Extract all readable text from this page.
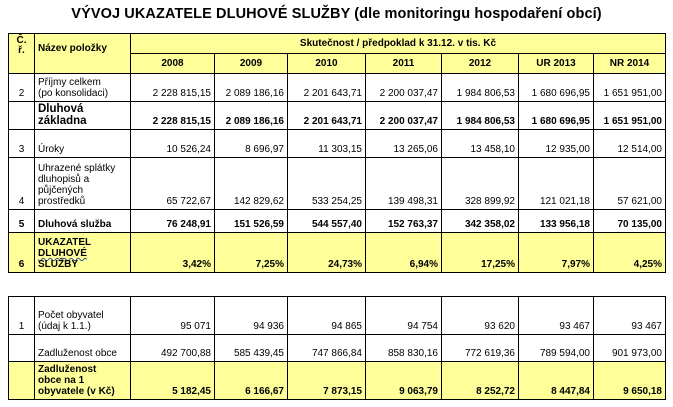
VÝVOJ UKAZATELE DLUHOVÉ SLUŽBY (dle monitoringu hospodaření obcí)
Č.
ř.	Název položky	Skutečnost / předpoklad k 31.12. v tis. Kč						
		2008	2009	2010	2011	2012	UR 2013	NR 2014
2	Příjmy celkem
(po konsolidaci)	2 228 815,15	2 089 186,16	2 201 643,71	2 200 037,47	1 984 806,53	1 680 696,95	1 651 951,00
	Dluhová
základna	2 228 815,15	2 089 186,16	2 201 643,71	2 200 037,47	1 984 806,53	1 680 696,95	1 651 951,00
3	Úroky	10 526,24	8 696,97	11 303,15	13 265,06	13 458,10	12 935,00	12 514,00
4	Uhrazené splátky
dluhopisů a
půjčených
prostředků	65 722,67	142 829,62	533 254,25	139 498,31	328 899,92	121 021,18	57 621,00
5	Dluhová služba	76 248,91	151 526,59	544 557,40	152 763,37	342 358,02	133 956,18	70 135,00
6	UKAZATEL
DLUHOVÉ
SLUŽBY	3,42%	7,25%	24,73%	6,94%	17,25%	7,97%	4,25%
1	Počet obyvatel
(údaj k 1.1.)	95 071	94 936	94 865	94 754	93 620	93 467	93 467
	Zadluženost obce	492 700,88	585 439,45	747 866,84	858 830,16	772 619,36	789 594,00	901 973,00
	Zadluženost
obce na 1
obyvatele (v Kč)	5 182,45	6 166,67	7 873,15	9 063,79	8 252,72	8 447,84	9 650,18
